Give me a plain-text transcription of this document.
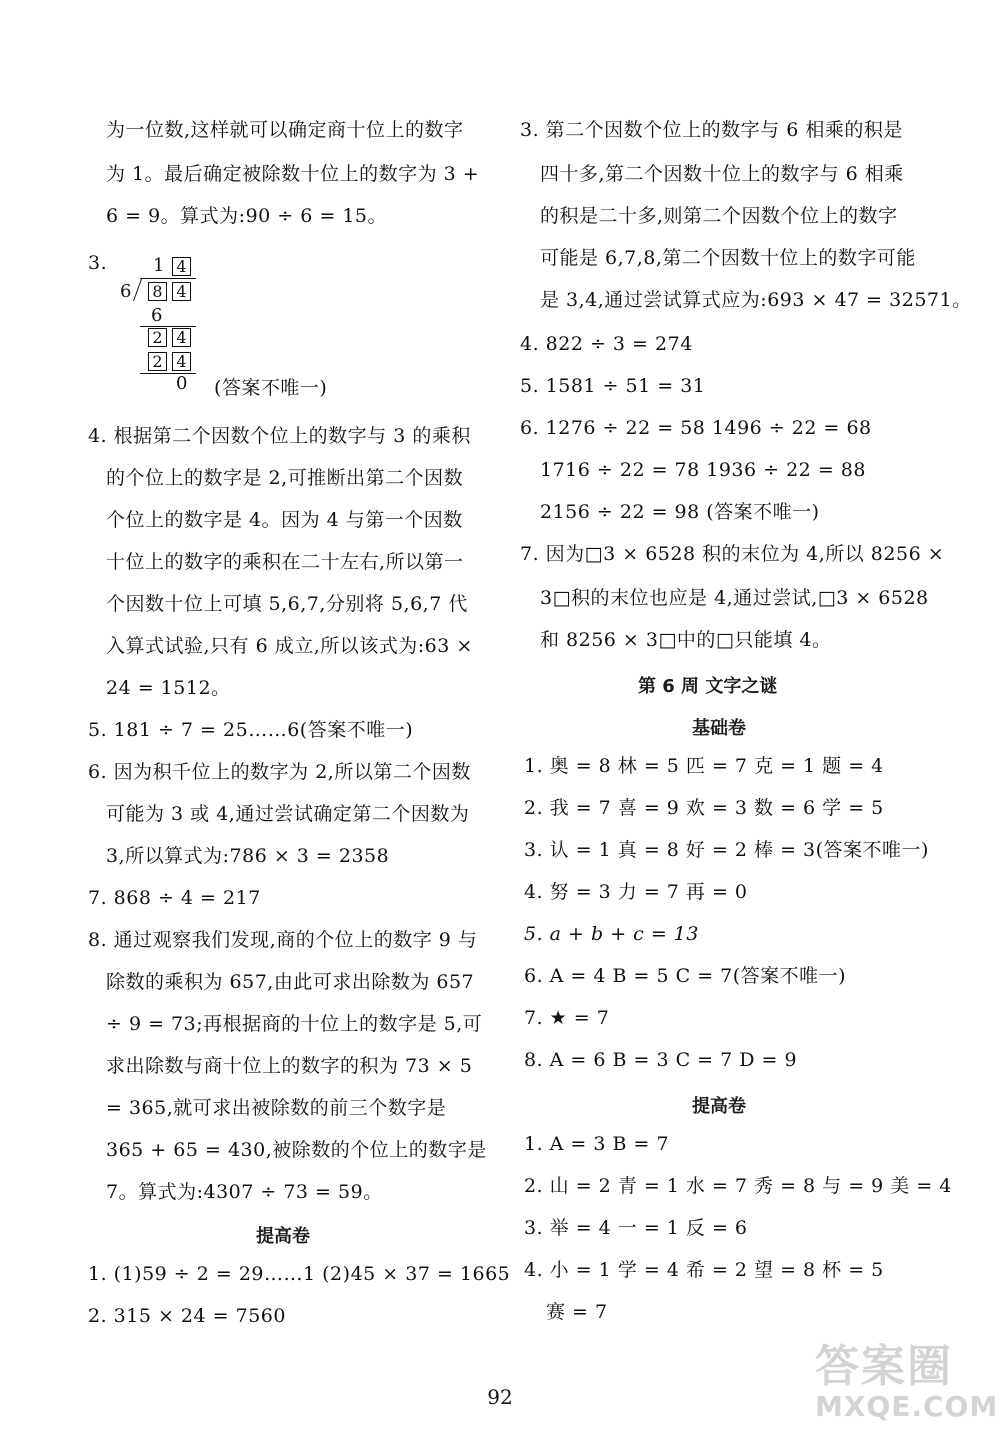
为一位数,这样就可以确定商十位上的数字
为 1。最后确定被除数十位上的数字为 3 +
6 = 9。算式为:90 ÷ 6 = 15。
3.	1 4
6 8 4
6
2 4
2 4
0 (答案不唯一)
4. 根据第二个因数个位上的数字与 3 的乘积
的个位上的数字是 2,可推断出第二个因数
个位上的数字是 4。因为 4 与第一个因数
十位上的数字的乘积在二十左右,所以第一
个因数十位上可填 5,6,7,分别将 5,6,7 代
入算式试验,只有 6 成立,所以该式为:63 ×
24 = 1512。
5. 181 ÷ 7 = 25……6(答案不唯一)
6. 因为积千位上的数字为 2,所以第二个因数
可能为 3 或 4,通过尝试确定第二个因数为
3,所以算式为:786 × 3 = 2358
7. 868 ÷ 4 = 217
8. 通过观察我们发现,商的个位上的数字 9 与
除数的乘积为 657,由此可求出除数为 657
÷ 9 = 73;再根据商的十位上的数字是 5,可
求出除数与商十位上的数字的积为 73 × 5
= 365,就可求出被除数的前三个数字是
365 + 65 = 430,被除数的个位上的数字是
7。算式为:4307 ÷ 73 = 59。
提高卷
1. (1)59 ÷ 2 = 29……1 (2)45 × 37 = 1665
2. 315 × 24 = 7560
3. 第二个因数个位上的数字与 6 相乘的积是
四十多,第二个因数十位上的数字与 6 相乘
的积是二十多,则第二个因数个位上的数字
可能是 6,7,8,第二个因数十位上的数字可能
是 3,4,通过尝试算式应为:693 × 47 = 32571。
4. 822 ÷ 3 = 274
5. 1581 ÷ 51 = 31
6. 1276 ÷ 22 = 58 1496 ÷ 22 = 68
1716 ÷ 22 = 78 1936 ÷ 22 = 88
2156 ÷ 22 = 98 (答案不唯一)
7. 因为□3 × 6528 积的末位为 4,所以 8256 ×
3□积的末位也应是 4,通过尝试,□3 × 6528
和 8256 × 3□中的□只能填 4。
第 6 周 文字之谜
基础卷
1. 奥 = 8 林 = 5 匹 = 7 克 = 1 题 = 4
2. 我 = 7 喜 = 9 欢 = 3 数 = 6 学 = 5
3. 认 = 1 真 = 8 好 = 2 棒 = 3(答案不唯一)
4. 努 = 3 力 = 7 再 = 0
5. a + b + c = 13
6. A = 4 B = 5 C = 7(答案不唯一)
7. ★ = 7
8. A = 6 B = 3 C = 7 D = 9
提高卷
1. A = 3 B = 7
2. 山 = 2 青 = 1 水 = 7 秀 = 8 与 = 9 美 = 4
3. 举 = 4 一 = 1 反 = 6
4. 小 = 1 学 = 4 希 = 2 望 = 8 杯 = 5
赛 = 7
92
答案圈
MXQE.COM
